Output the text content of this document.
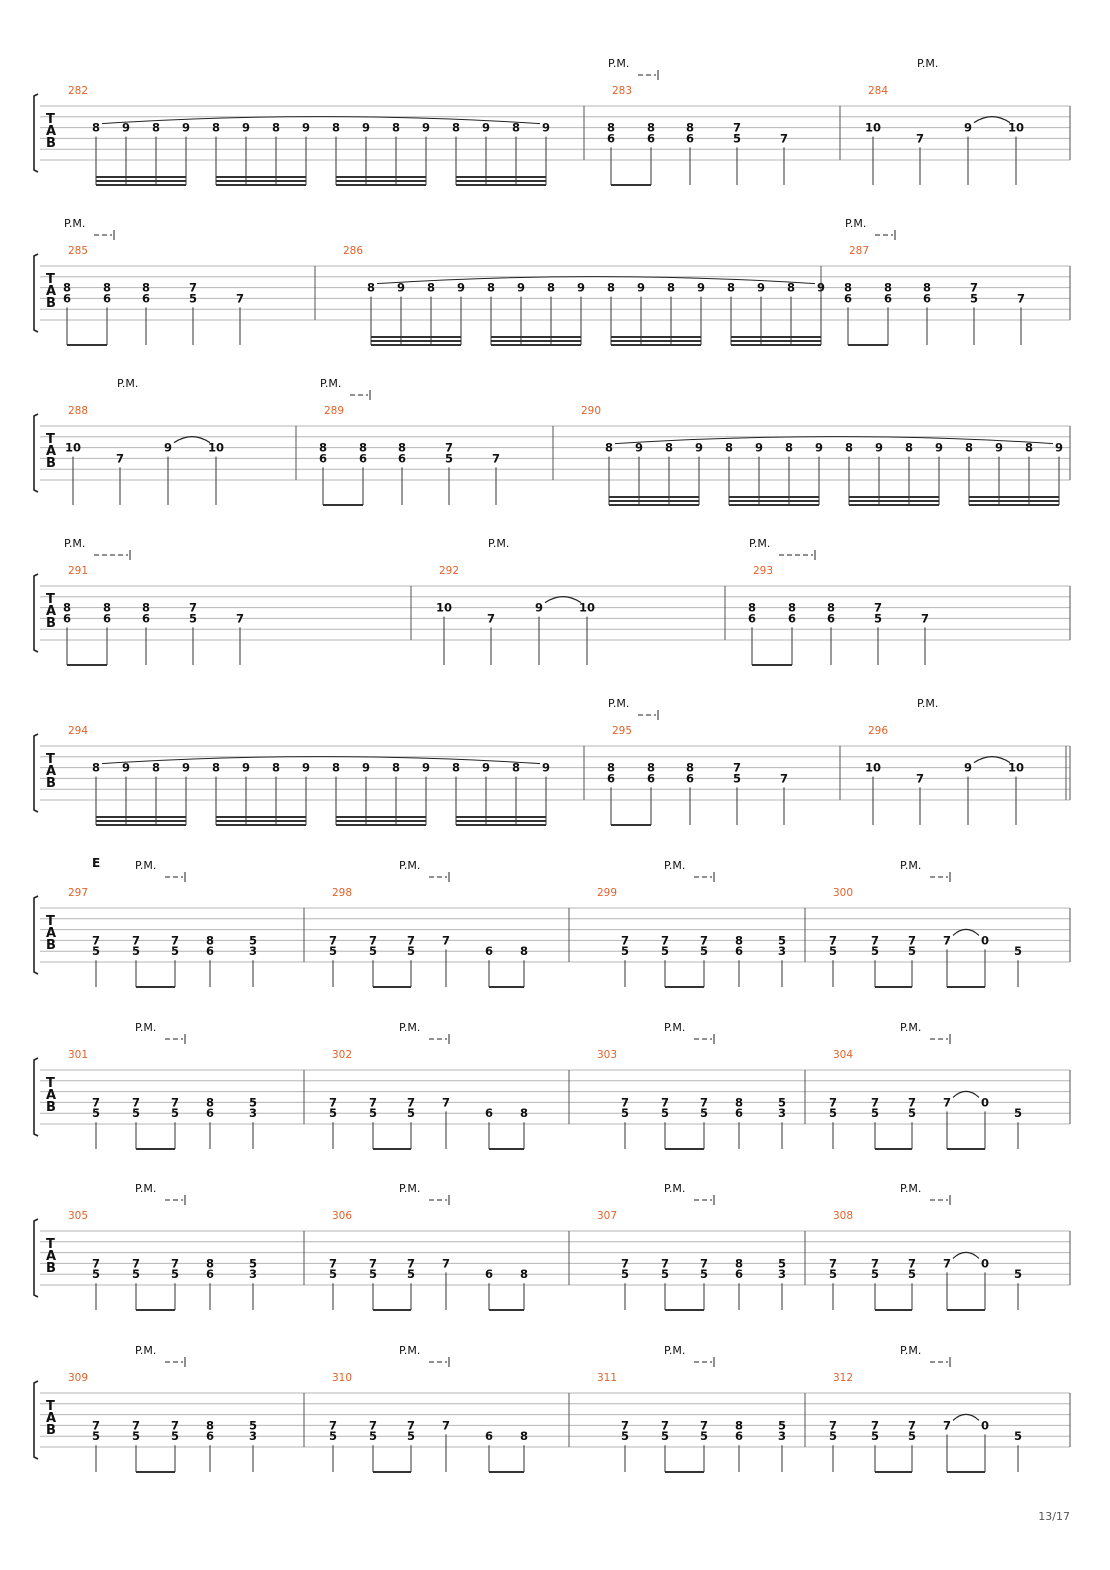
T
A
B
282
8 9 8 9 8 9 8 9 8 9 8 9 8 9 8 9
283
P.M.
8
6
8
6
8
6
7
5	7
284
P.M.
10
7
9	10
T
A
B
285
P.M.
8
6
8
6
8
6
7
5	7
286
8 9 8 9 8 9 8 9 8 9 8 9 8 9 8 9
287
P.M.
8
6
8
6
8
6
7
5	7
T
A
B
288
P.M.
10
7
9	10
289
P.M.
8
6
8
6
8
6
7
5	7
290
8 9 8 9 8 9 8 9 8 9 8 9 8 9 8 9
T
A
B
291
P.M.
8
6
8
6
8
6
7
5	7
292
P.M.
10
7
9	10
293
P.M.
8
6
8
6
8
6
7
5	7
T
A
B
294
8 9 8 9 8 9 8 9 8 9 8 9 8 9 8 9
295
P.M.
8
6
8
6
8
6
7
5	7
296
P.M.
10
7
9	10
T
A
B
E
297
P.M.
7
5
7
5
7
5
8
6
5
3
298
P.M.
7
5
7
5
7
5
7
6 8
299
P.M.
7
5
7
5
7
5
8
6
5
3
300
P.M.
7
5
7
5
7
5
7	0
5
T
A
B
301
P.M.
7
5
7
5
7
5
8
6
5
3
302
P.M.
7
5
7
5
7
5
7
6 8
303
P.M.
7
5
7
5
7
5
8
6
5
3
304
P.M.
7
5
7
5
7
5
7	0
5
T
A
B
305
P.M.
7
5
7
5
7
5
8
6
5
3
306
P.M.
7
5
7
5
7
5
7
6 8
307
P.M.
7
5
7
5
7
5
8
6
5
3
308
P.M.
7
5
7
5
7
5
7	0
5
T
A
B
309
P.M.
7
5
7
5
7
5
8
6
5
3
310
P.M.
7
5
7
5
7
5
7
6 8
311
P.M.
7
5
7
5
7
5
8
6
5
3
312
P.M.
7
5
7
5
7
5
7	0
5
13/17
